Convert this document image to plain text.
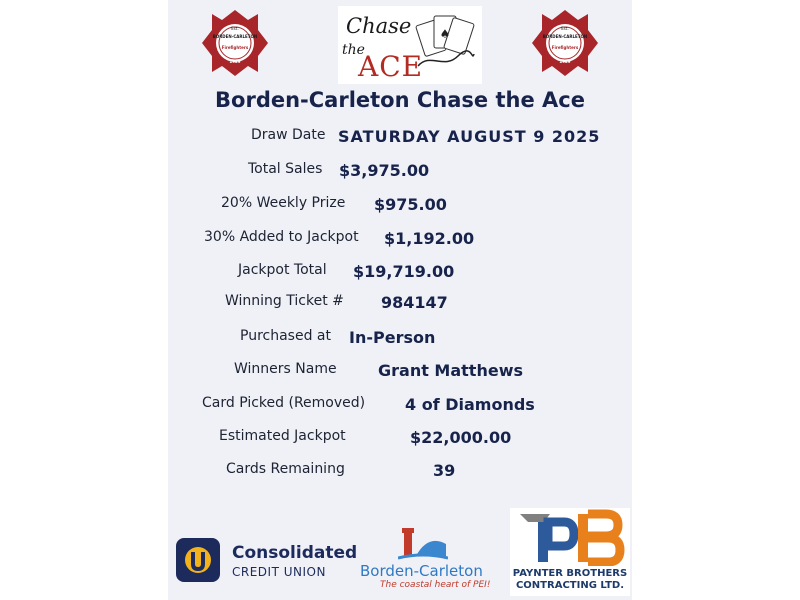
Est.
BORDEN-CARLETON
Firefighters
1929
Chase
the
ACE
♠	Est.
BORDEN-CARLETON
Firefighters
1929
Borden-Carleton Chase the Ace
Draw Date SATURDAY AUGUST 9 2025
Total Sales $3,975.00
20% Weekly Prize $975.00
30% Added to Jackpot $1,192.00
Jackpot Total $19,719.00
Winning Ticket # 984147
Purchased at In-Person
Winners Name	Grant Matthews
Card Picked (Removed) 4 of Diamonds
Estimated Jackpot	$22,000.00
Cards Remaining	39
Consolidated
CREDIT UNION Borden-Carleton
The coastal heart of PEI!
PAYNTER BROTHERS
CONTRACTING LTD.
